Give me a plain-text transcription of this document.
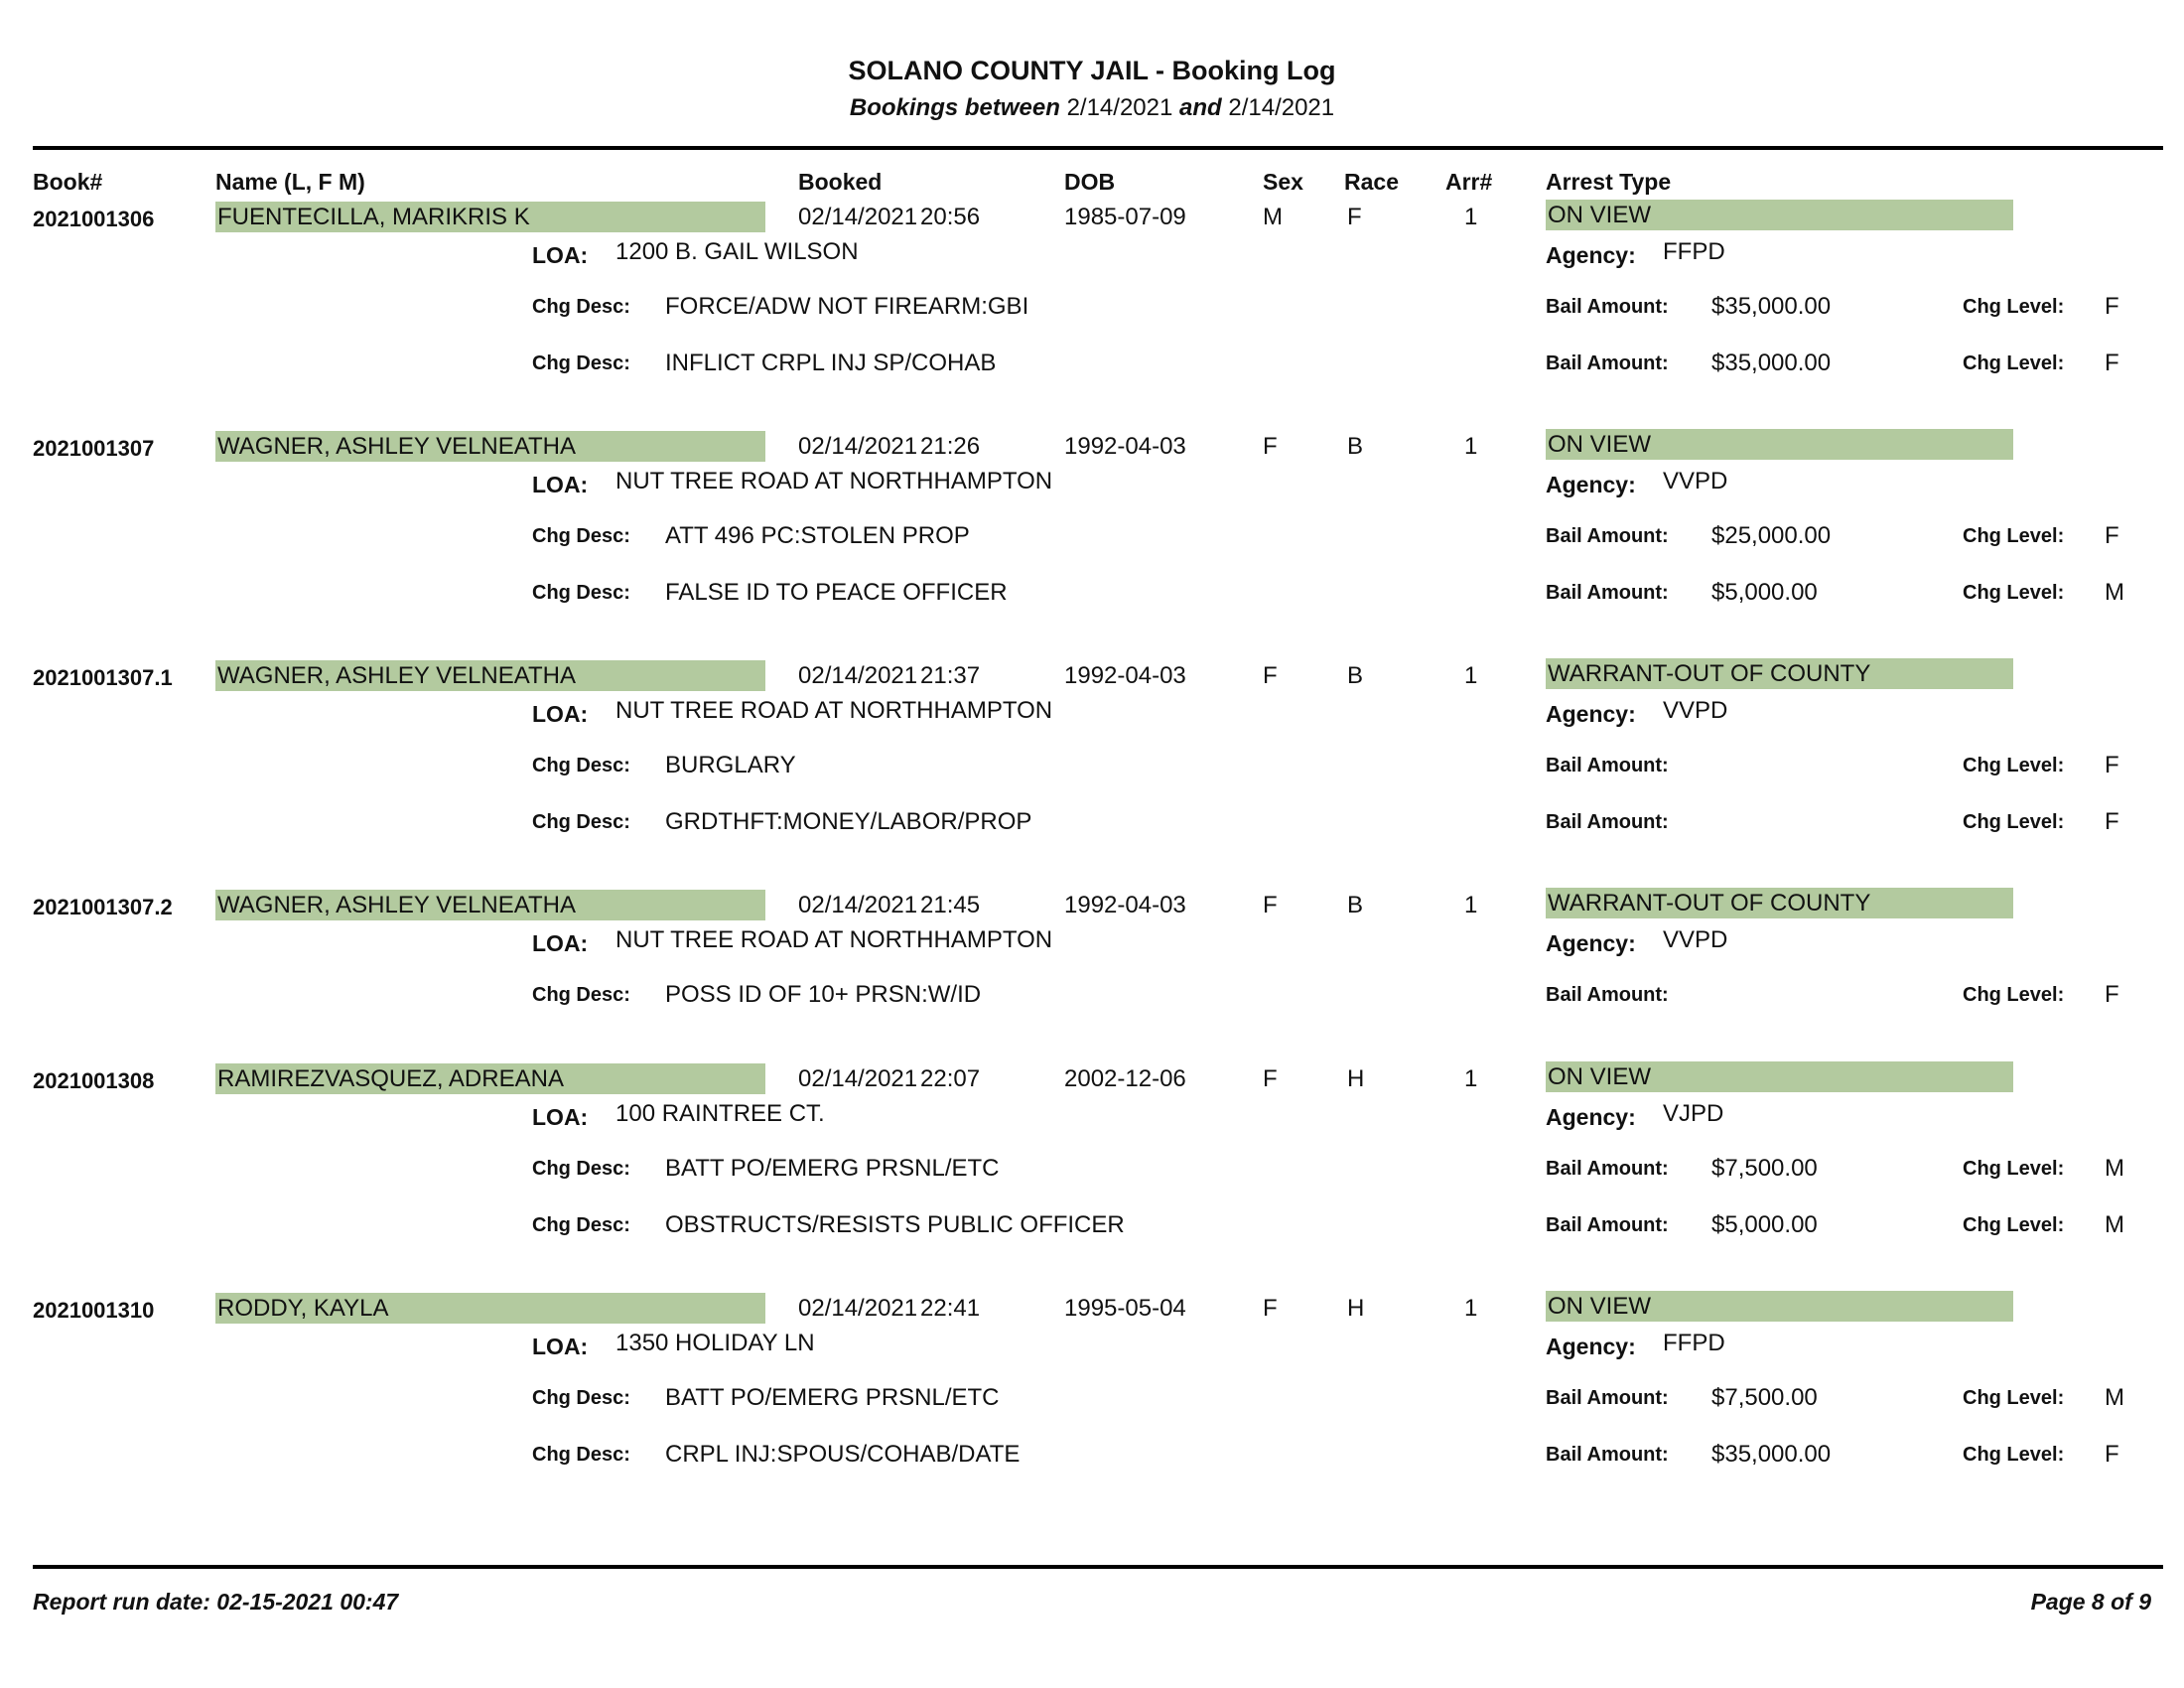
SOLANO COUNTY JAIL - Booking Log
Bookings between 2/14/2021 and 2/14/2021
Book#	Name (L, F M)	Booked	DOB	Sex Race Arr# Arrest Type
2021001306	FUENTECILLA, MARIKRIS K	02/14/2021 20:56	1985-07-09	M	F	1	ON VIEW
LOA: 1200 B. GAIL WILSON	Agency: FFPD
Chg Desc: FORCE/ADW NOT FIREARM:GBI	Bail Amount: $35,000.00	Chg Level: F
Chg Desc: INFLICT CRPL INJ SP/COHAB	Bail Amount: $35,000.00	Chg Level: F
2021001307	WAGNER, ASHLEY VELNEATHA	02/14/2021 21:26	1992-04-03	F	B	1	ON VIEW
LOA: NUT TREE ROAD AT NORTHHAMPTON	Agency: VVPD
Chg Desc: ATT 496 PC:STOLEN PROP	Bail Amount: $25,000.00	Chg Level: F
Chg Desc: FALSE ID TO PEACE OFFICER	Bail Amount: $5,000.00	Chg Level: M
2021001307.1 WAGNER, ASHLEY VELNEATHA	02/14/2021 21:37	1992-04-03	F	B	1	WARRANT-OUT OF COUNTY
LOA: NUT TREE ROAD AT NORTHHAMPTON	Agency: VVPD
Chg Desc: BURGLARY	Bail Amount:	Chg Level: F
Chg Desc: GRDTHFT:MONEY/LABOR/PROP	Bail Amount:	Chg Level: F
2021001307.2 WAGNER, ASHLEY VELNEATHA	02/14/2021 21:45	1992-04-03	F	B	1	WARRANT-OUT OF COUNTY
LOA: NUT TREE ROAD AT NORTHHAMPTON	Agency: VVPD
Chg Desc: POSS ID OF 10+ PRSN:W/ID	Bail Amount:	Chg Level: F
2021001308	RAMIREZVASQUEZ, ADREANA	02/14/2021 22:07	2002-12-06	F	H	1	ON VIEW
LOA: 100 RAINTREE CT.	Agency: VJPD
Chg Desc: BATT PO/EMERG PRSNL/ETC	Bail Amount: $7,500.00	Chg Level: M
Chg Desc: OBSTRUCTS/RESISTS PUBLIC OFFICER	Bail Amount: $5,000.00	Chg Level: M
2021001310	RODDY, KAYLA	02/14/2021 22:41	1995-05-04	F	H	1	ON VIEW
LOA: 1350 HOLIDAY LN	Agency: FFPD
Chg Desc: BATT PO/EMERG PRSNL/ETC	Bail Amount: $7,500.00	Chg Level: M
Chg Desc: CRPL INJ:SPOUS/COHAB/DATE	Bail Amount: $35,000.00	Chg Level: F
Report run date: 02-15-2021 00:47	Page 8 of 9
